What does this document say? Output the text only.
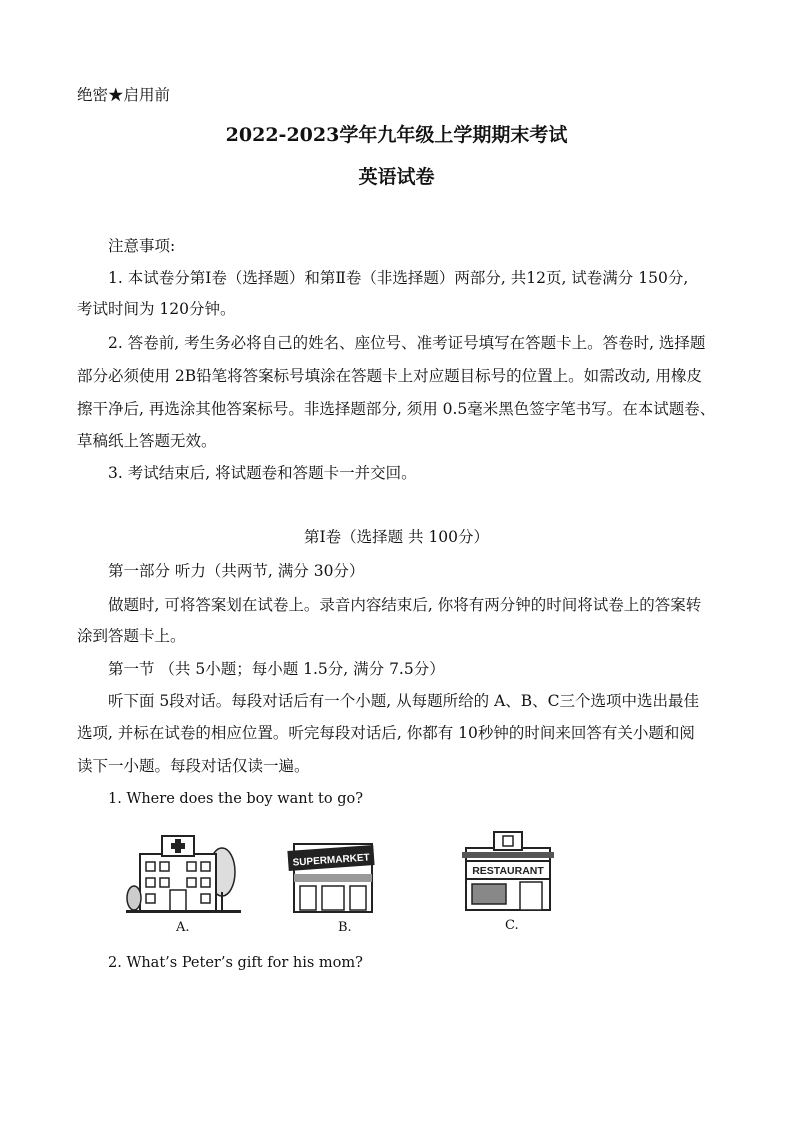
绝密★启用前
2022-2023学年九年级上学期期末考试
英语试卷
注意事项:
1. 本试卷分第Ⅰ卷（选择题）和第Ⅱ卷（非选择题）两部分, 共12页, 试卷满分 150分,
考试时间为 120分钟。
2. 答卷前, 考生务必将自己的姓名、座位号、准考证号填写在答题卡上。答卷时, 选择题
部分必须使用 2B铅笔将答案标号填涂在答题卡上对应题目标号的位置上。如需改动, 用橡皮
擦干净后, 再选涂其他答案标号。非选择题部分, 须用 0.5毫米黑色签字笔书写。在本试题卷、
草稿纸上答题无效。
3. 考试结束后, 将试题卷和答题卡一并交回。
第Ⅰ卷（选择题 共 100分）
第一部分 听力（共两节, 满分 30分）
做题时, 可将答案划在试卷上。录音内容结束后, 你将有两分钟的时间将试卷上的答案转
涂到答题卡上。
第一节 （共 5小题；每小题 1.5分, 满分 7.5分）
听下面 5段对话。每段对话后有一个小题, 从每题所给的 A、B、C三个选项中选出最佳
选项, 并标在试卷的相应位置。听完每段对话后, 你都有 10秒钟的时间来回答有关小题和阅
读下一小题。每段对话仅读一遍。
1. Where does the boy want to go?
A.
SUPERMARKET
B.
RESTAURANT
C.
2. What’s Peter’s gift for his mom?
